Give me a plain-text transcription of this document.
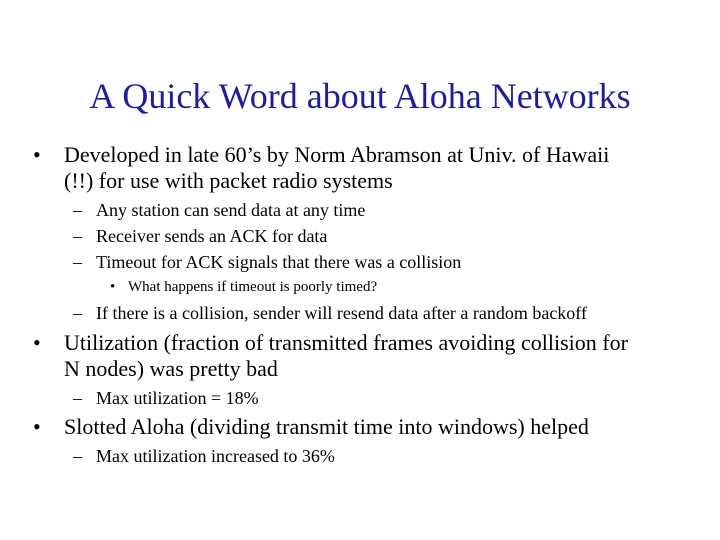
A Quick Word about Aloha Networks
• Developed in late 60’s by Norm Abramson at Univ. of Hawaii
(!!) for use with packet radio systems
– Any station can send data at any time
– Receiver sends an ACK for data
– Timeout for ACK signals that there was a collision
• What happens if timeout is poorly timed?
– If there is a collision, sender will resend data after a random backoff
• Utilization (fraction of transmitted frames avoiding collision for
N nodes) was pretty bad
– Max utilization = 18%
• Slotted Aloha (dividing transmit time into windows) helped
– Max utilization increased to 36%
